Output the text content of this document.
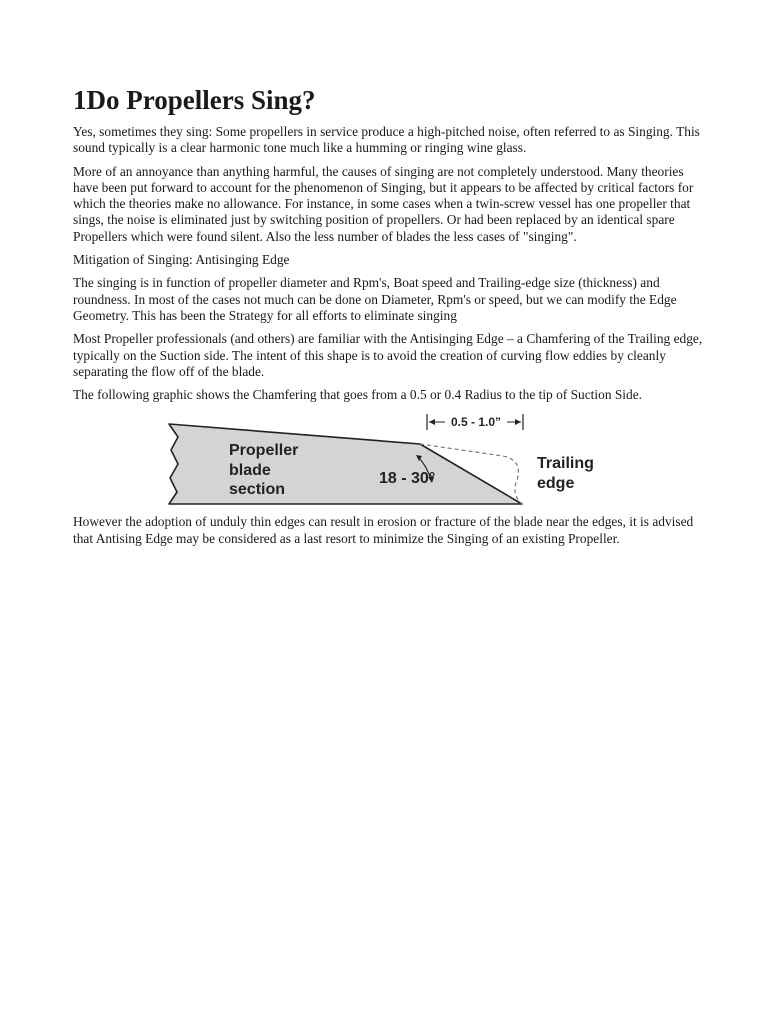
1Do Propellers Sing?

Yes, sometimes they sing: Some propellers in service produce a high-pitched noise, often referred to as Singing. This sound typically is a clear harmonic tone much like a humming or ringing wine glass.

More of an annoyance than anything harmful, the causes of singing are not completely understood. Many theories have been put forward to account for the phenomenon of Singing, but it appears to be affected by critical factors for which the theories make no allowance. For instance, in some cases when a twin-screw vessel has one propeller that sings, the noise is eliminated just by switching position of propellers. Or had been replaced by an identical spare Propellers which were found silent. Also the less number of blades the less cases of "singing".

Mitigation of Singing: Antisinging Edge

The singing is in function of propeller diameter and Rpm's, Boat speed and Trailing-edge size (thickness) and roundness. In most of the cases not much can be done on Diameter, Rpm's or speed, but we can modify the Edge Geometry. This has been the Strategy for all efforts to eliminate singing

Most Propeller professionals (and others) are familiar with the Antisinging Edge – a Chamfering of the Trailing edge, typically on the Suction side. The intent of this shape is to avoid the creation of curving flow eddies by cleanly separating the flow off of the blade.

The following graphic shows the Chamfering that goes from a 0.5 or 0.4 Radius to the tip of Suction Side.

0.5 - 1.0”
Propeller
blade
section
18 - 30°
Trailing
edge

However the adoption of unduly thin edges can result in erosion or fracture of the blade near the edges, it is advised that Antising Edge may be considered as a last resort to minimize the Singing of an existing Propeller.
